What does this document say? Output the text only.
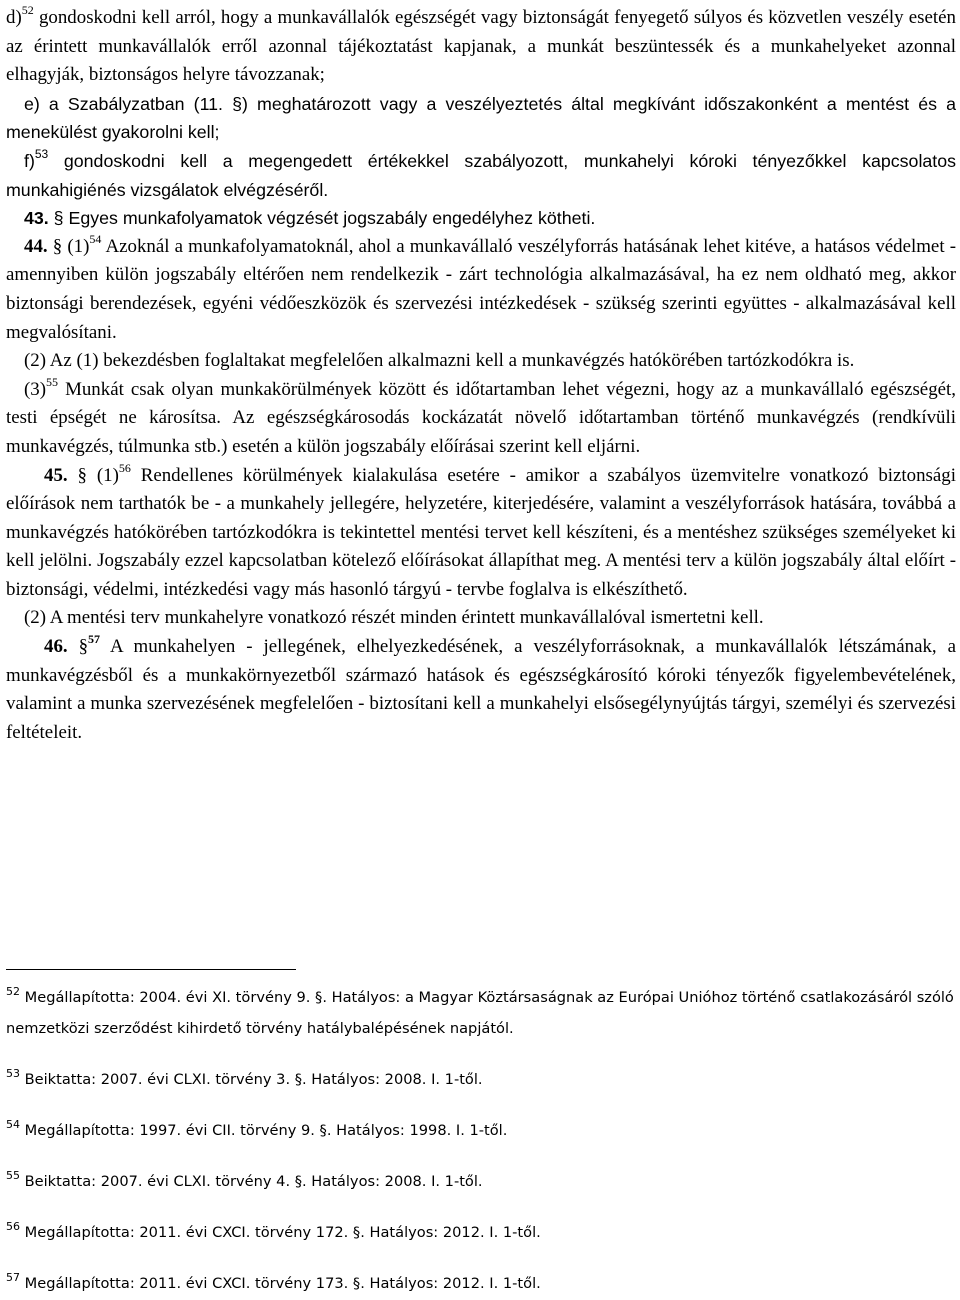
d)$^{52}$ gondoskodni kell arról, hogy a munkavállalók egészségét vagy biztonságát fenyegető súlyos és közvetlen veszély esetén az érintett munkavállalók erről azonnal tájékoztatást kapjanak, a munkát beszüntessék és a munkahelyeket azonnal elhagyják, biztonságos helyre távozzanak;

e) a Szabályzatban (11. §) meghatározott vagy a veszélyeztetés által megkívánt időszakonként a mentést és a menekülést gyakorolni kell;

f)$^{53}$ gondoskodni kell a megengedett értékekkel szabályozott, munkahelyi kóroki tényezőkkel kapcsolatos munkahigiénés vizsgálatok elvégzéséről.

43. § Egyes munkafolyamatok végzését jogszabály engedélyhez kötheti.

44. § $(1)^{54}$ Azoknál a munkafolyamatoknál, ahol a munkavállaló veszélyforrás hatásának lehet kitéve, a hatásos védelmet - amennyiben külön jogszabály eltérően nem rendelkezik - zárt technológia alkalmazásával, ha ez nem oldható meg, akkor biztonsági berendezések, egyéni védőeszközök és szervezési intézkedések - szükség szerinti együttes - alkalmazásával kell megvalósítani.

(2) Az (1) bekezdésben foglaltakat megfelelően alkalmazni kell a munkavégzés hatókörében tartózkodókra is.

$(3)^{55}$ Munkát csak olyan munkakörülmények között és időtartamban lehet végezni, hogy az a munkavállaló egészségét, testi épségét ne károsítsa. Az egészségkárosodás kockázatát növelő időtartamban történő munkavégzés (rendkívüli munkavégzés, túlmunka stb.) esetén a külön jogszabály előírásai szerint kell eljárni.

45. § $(1)^{56}$ Rendellenes körülmények kialakulása esetére - amikor a szabályos üzemvitelre vonatkozó biztonsági előírások nem tarthatók be - a munkahely jellegére, helyzetére, kiterjedésére, valamint a veszélyforrások hatására, továbbá a munkavégzés hatókörében tartózkodókra is tekintettel mentési tervet kell készíteni, és a mentéshez szükséges személyeket ki kell jelölni. Jogszabály ezzel kapcsolatban kötelező előírásokat állapíthat meg. A mentési terv a külön jogszabály által előírt - biztonsági, védelmi, intézkedési vagy más hasonló tárgyú - tervbe foglalva is elkészíthető.

(2) A mentési terv munkahelyre vonatkozó részét minden érintett munkavállalóval ismertetni kell.

46. §$^{57}$ A munkahelyen - jellegének, elhelyezkedésének, a veszélyforrásoknak, a munkavállalók létszámának, a munkavégzésből és a munkakörnyezetből származó hatások és egészségkárosító kóroki tényezők figyelembevételének, valamint a munka szervezésének megfelelően - biztosítani kell a munkahelyi elsősegélynyújtás tárgyi, személyi és szervezési feltételeit.

$^{52}$ Megállapította: 2004. évi XI. törvény 9. §. Hatályos: a Magyar Köztársaságnak az Európai Unióhoz történő csatlakozásáról szóló nemzetközi szerződést kihirdető törvény hatálybalépésének napjától.

$^{53}$ Beiktatta: 2007. évi CLXI. törvény 3. §. Hatályos: 2008. I. 1-től.

$^{54}$ Megállapította: 1997. évi CII. törvény 9. §. Hatályos: 1998. I. 1-től.

$^{55}$ Beiktatta: 2007. évi CLXI. törvény 4. §. Hatályos: 2008. I. 1-től.

$^{56}$ Megállapította: 2011. évi CXCI. törvény 172. §. Hatályos: 2012. I. 1-től.

$^{57}$ Megállapította: 2011. évi CXCI. törvény 173. §. Hatályos: 2012. I. 1-től.
